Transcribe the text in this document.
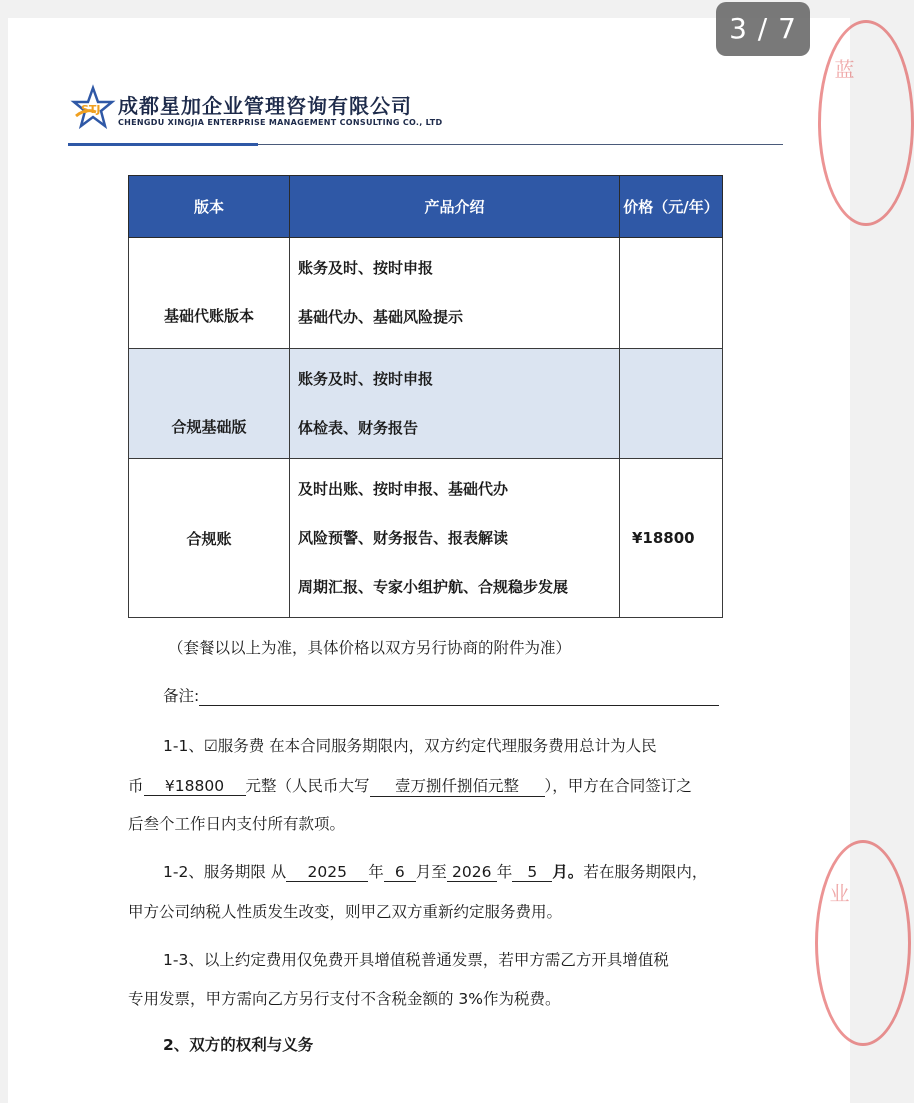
STJ 成都星加企业管理咨询有限公司
CHENGDU XINGJIA ENTERPRISE MANAGEMENT CONSULTING CO., LTD
版本	产品介绍	价格（元/年）

基础代账版本	账务及时、按时申报
基础代办、基础风险提示	

合规基础版	账务及时、按时申报
体检表、财务报告	

合规账	及时出账、按时申报、基础代办
风险预警、财务报告、报表解读
周期汇报、专家小组护航、合规稳步发展	¥18800
（套餐以以上为准，具体价格以双方另行协商的附件为准）
备注:
1-1、☑服务费 在本合同服务期限内，双方约定代理服务费用总计为人民
币 ¥18800 元整（人民币大写 壹万捌仟捌佰元整 ），甲方在合同签订之
后叁个工作日内支付所有款项。
1-2、服务期限 从 2025 年 6 月至 2026 年 5 月。若在服务期限内，
甲方公司纳税人性质发生改变，则甲乙双方重新约定服务费用。
1-3、以上约定费用仅免费开具增值税普通发票，若甲方需乙方开具增值税
专用发票，甲方需向乙方另行支付不含税金额的 3%作为税费。
2、双方的权利与义务
蓝
业
3 / 7
